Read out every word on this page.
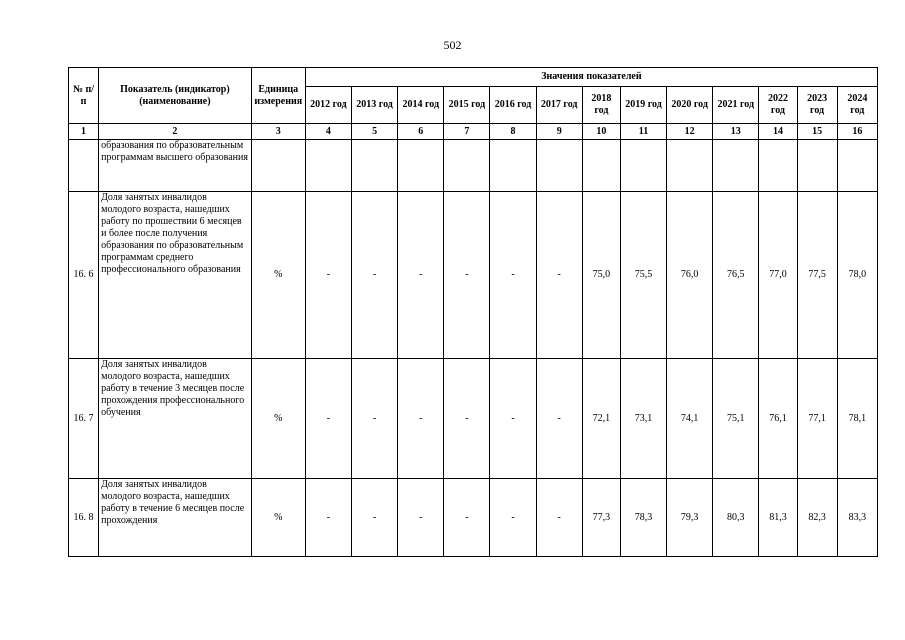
502
№ п/п	Показатель (индикатор) (наименование)	Единица измерения	Значения показателей												
			2012 год	2013 год	2014 год	2015 год	2016 год	2017 год	2018 год	2019 год	2020 год	2021 год	2022 год	2023 год	2024 год
1	2	3	4	5	6	7	8	9	10	11	12	13	14	15	16
	образования по образовательным программам высшего образования														
16. 6	Доля занятых инвалидов молодого возраста, нашедших работу по прошествии 6 месяцев и более после получения образования по образовательным программам среднего профессионального образования	%	-	-	-	-	-	-	75,0	75,5	76,0	76,5	77,0	77,5	78,0
16. 7	Доля занятых инвалидов молодого возраста, нашедших работу в течение 3 месяцев после прохождения профессионального обучения	%	-	-	-	-	-	-	72,1	73,1	74,1	75,1	76,1	77,1	78,1
16. 8	Доля занятых инвалидов молодого возраста, нашедших работу в течение 6 месяцев после прохождения	%	-	-	-	-	-	-	77,3	78,3	79,3	80,3	81,3	82,3	83,3
